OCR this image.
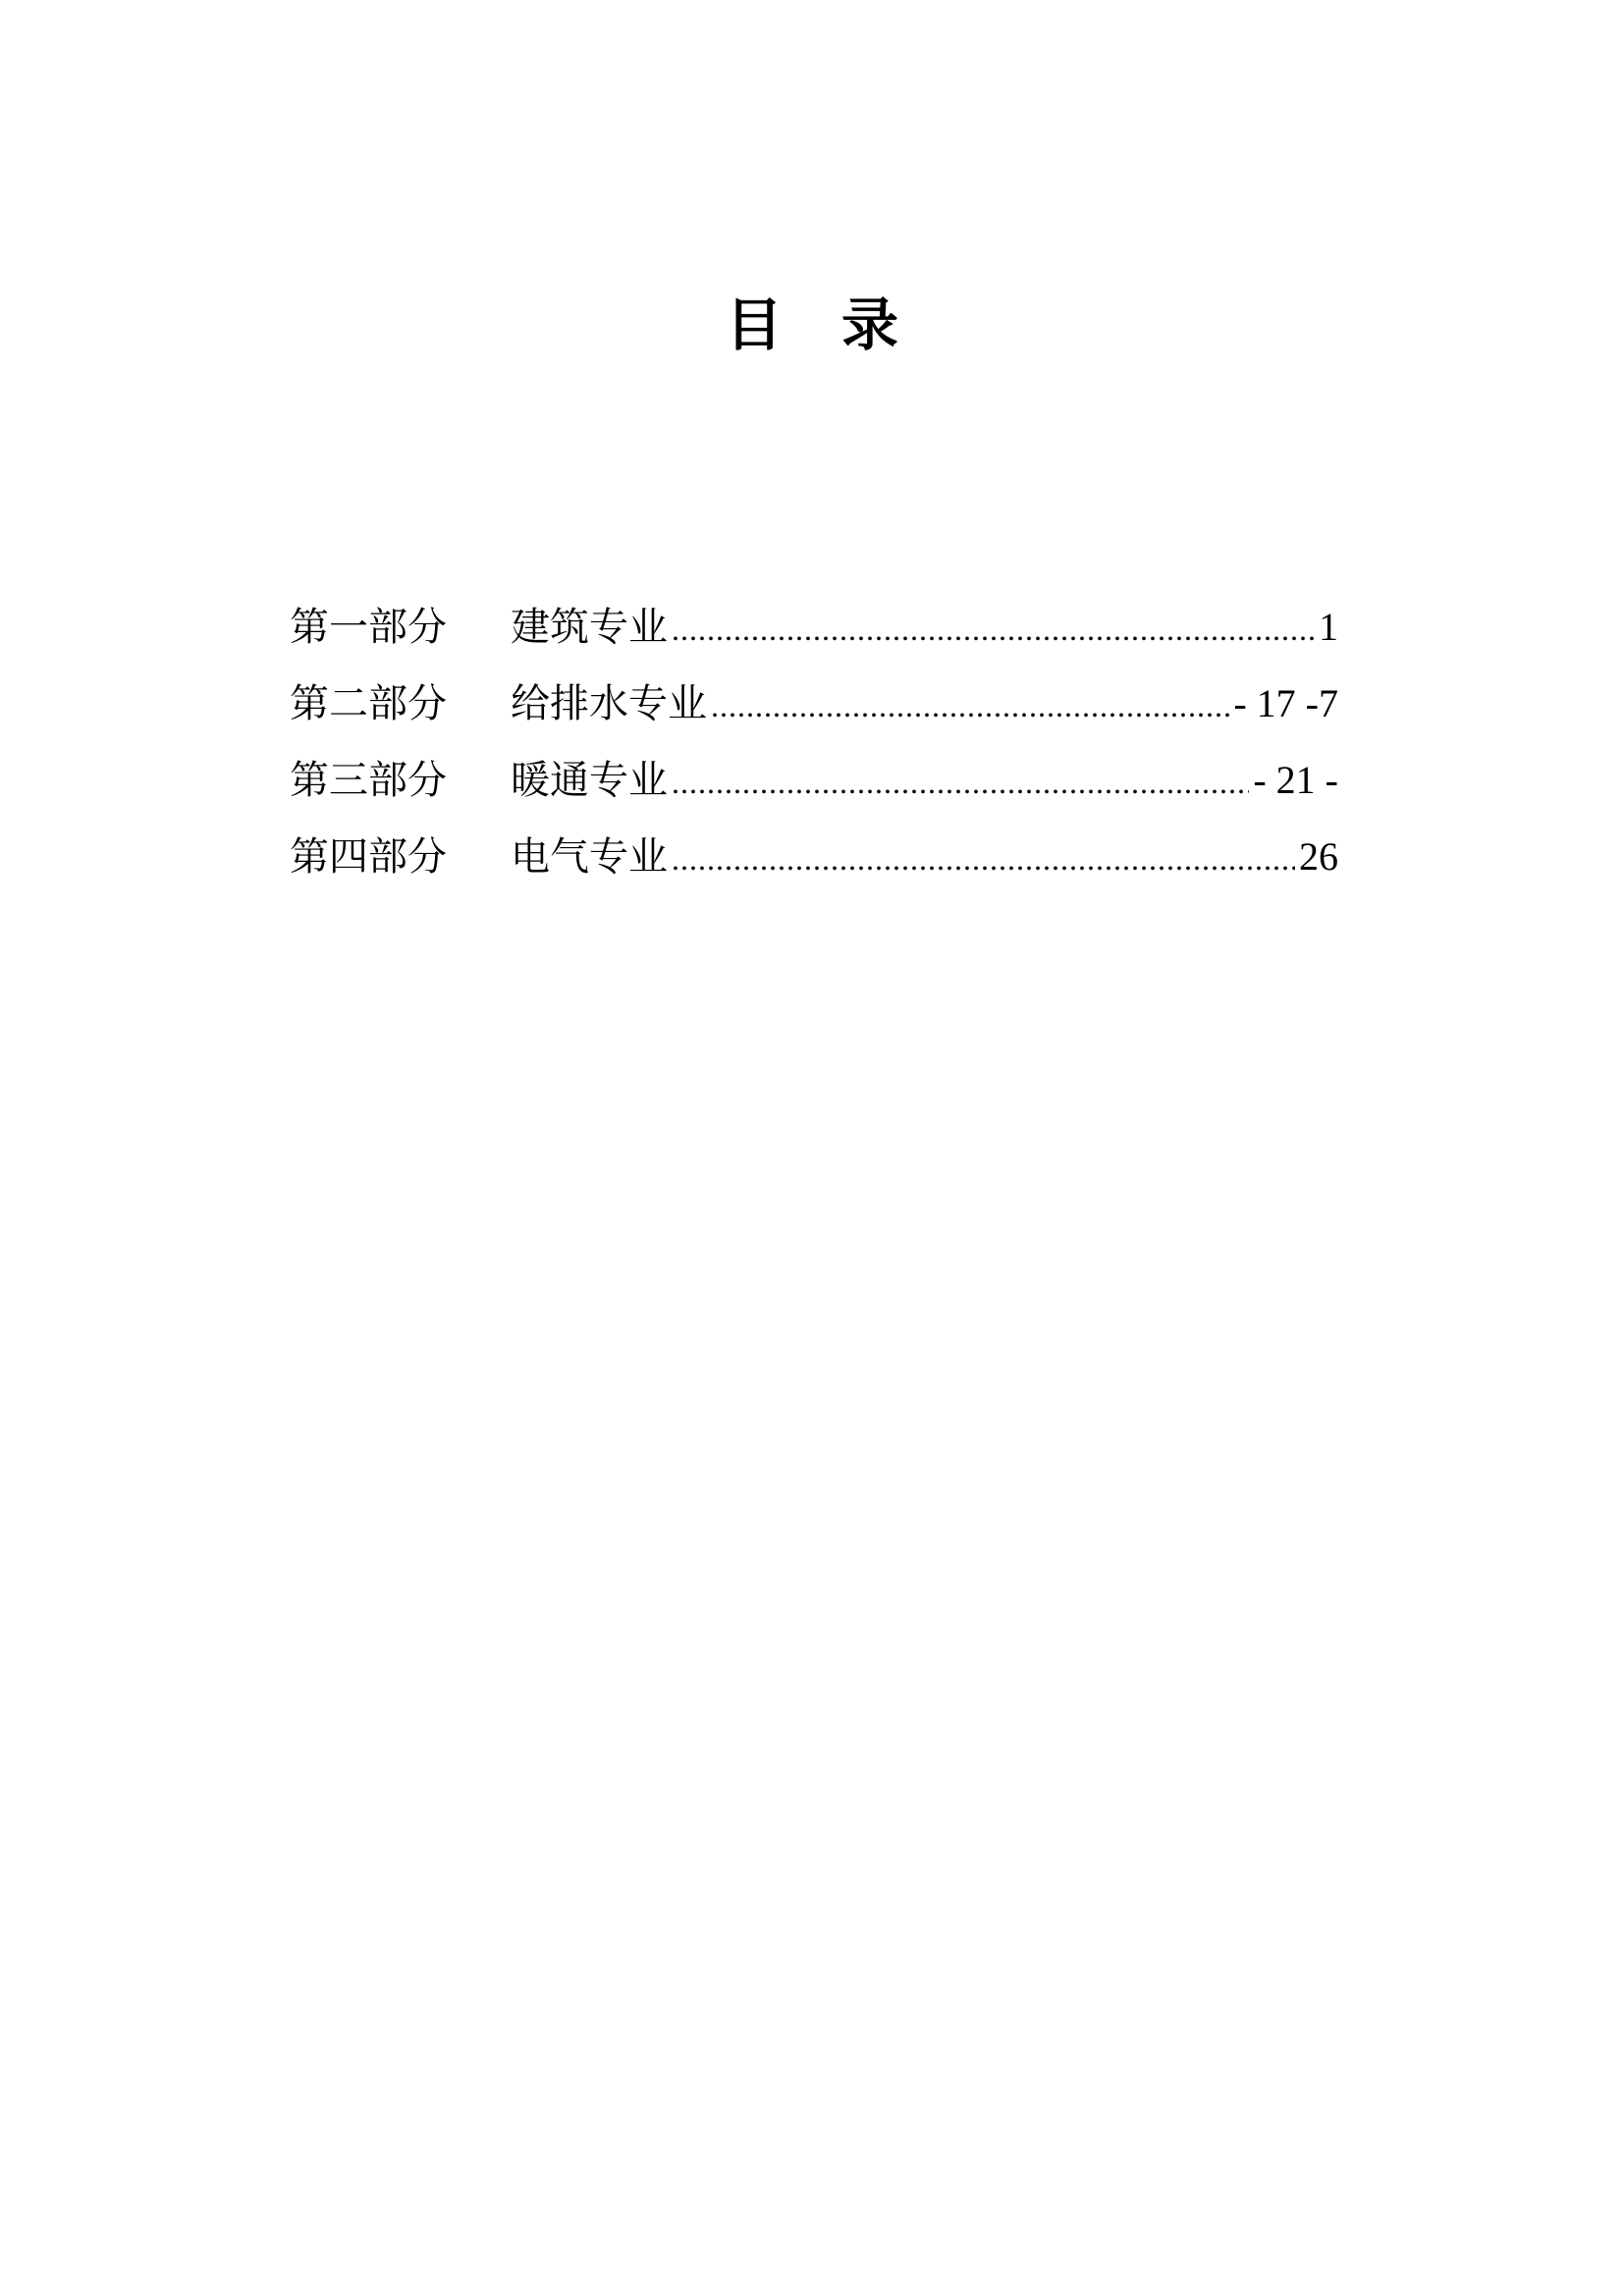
目 录
第一部分	建筑专业 .....	1
第二部分	给排水专业 .....	- 17 -7
第三部分	暖通专业 .....	- 21 -
第四部分	电气专业 .....	26
